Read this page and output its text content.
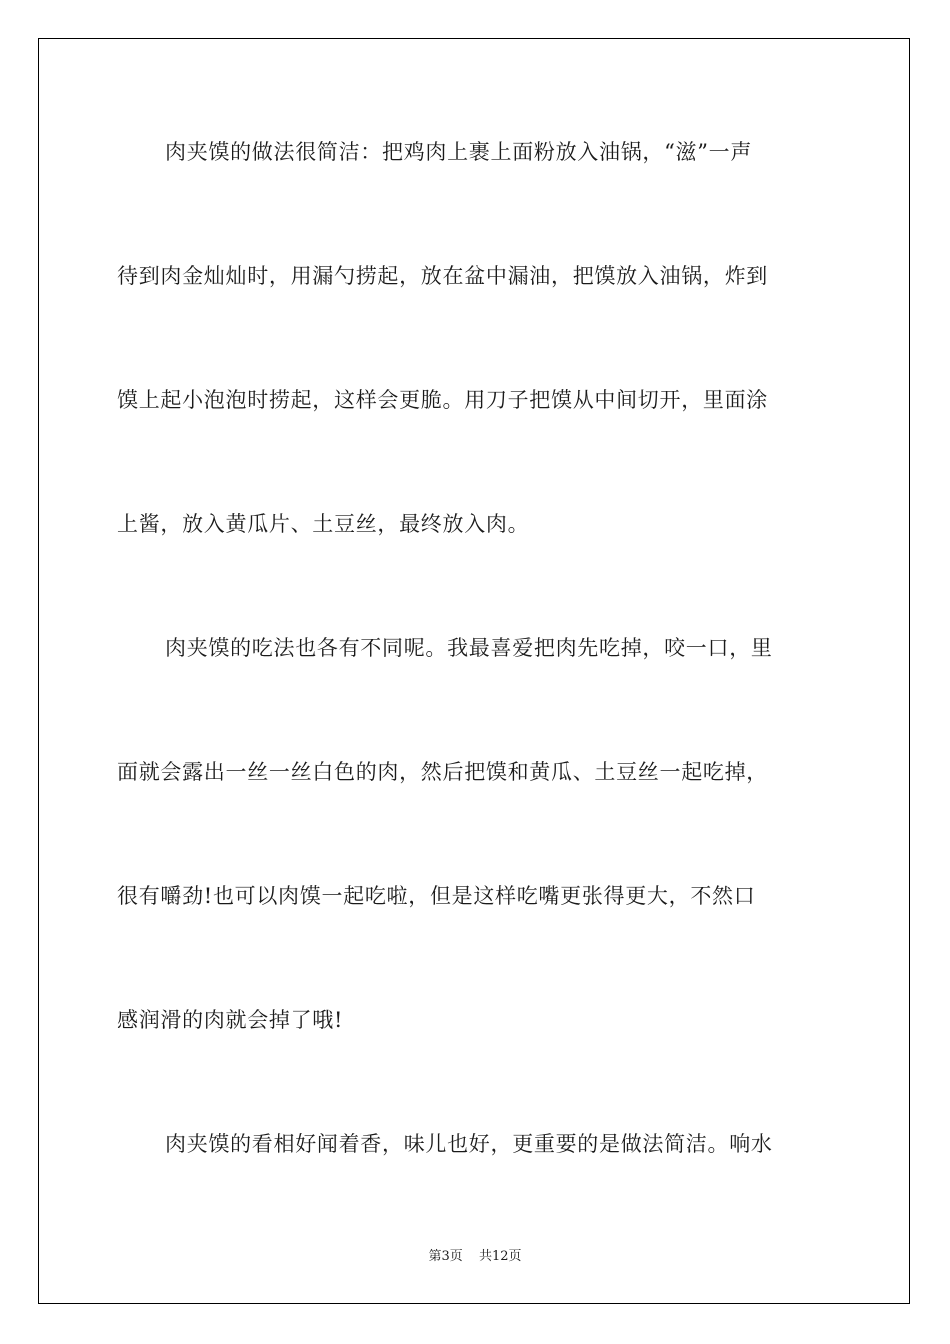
肉夹馍的做法很简洁：把鸡肉上裹上面粉放入油锅，“滋”一声
待到肉金灿灿时，用漏勺捞起，放在盆中漏油，把馍放入油锅，炸到
馍上起小泡泡时捞起，这样会更脆。用刀子把馍从中间切开，里面涂
上酱，放入黄瓜片、土豆丝，最终放入肉。
肉夹馍的吃法也各有不同呢。我最喜爱把肉先吃掉，咬一口，里
面就会露出一丝一丝白色的肉，然后把馍和黄瓜、土豆丝一起吃掉，
很有嚼劲!也可以肉馍一起吃啦，但是这样吃嘴更张得更大，不然口
感润滑的肉就会掉了哦!
肉夹馍的看相好闻着香，味儿也好，更重要的是做法简洁。响水
第3页 共12页
